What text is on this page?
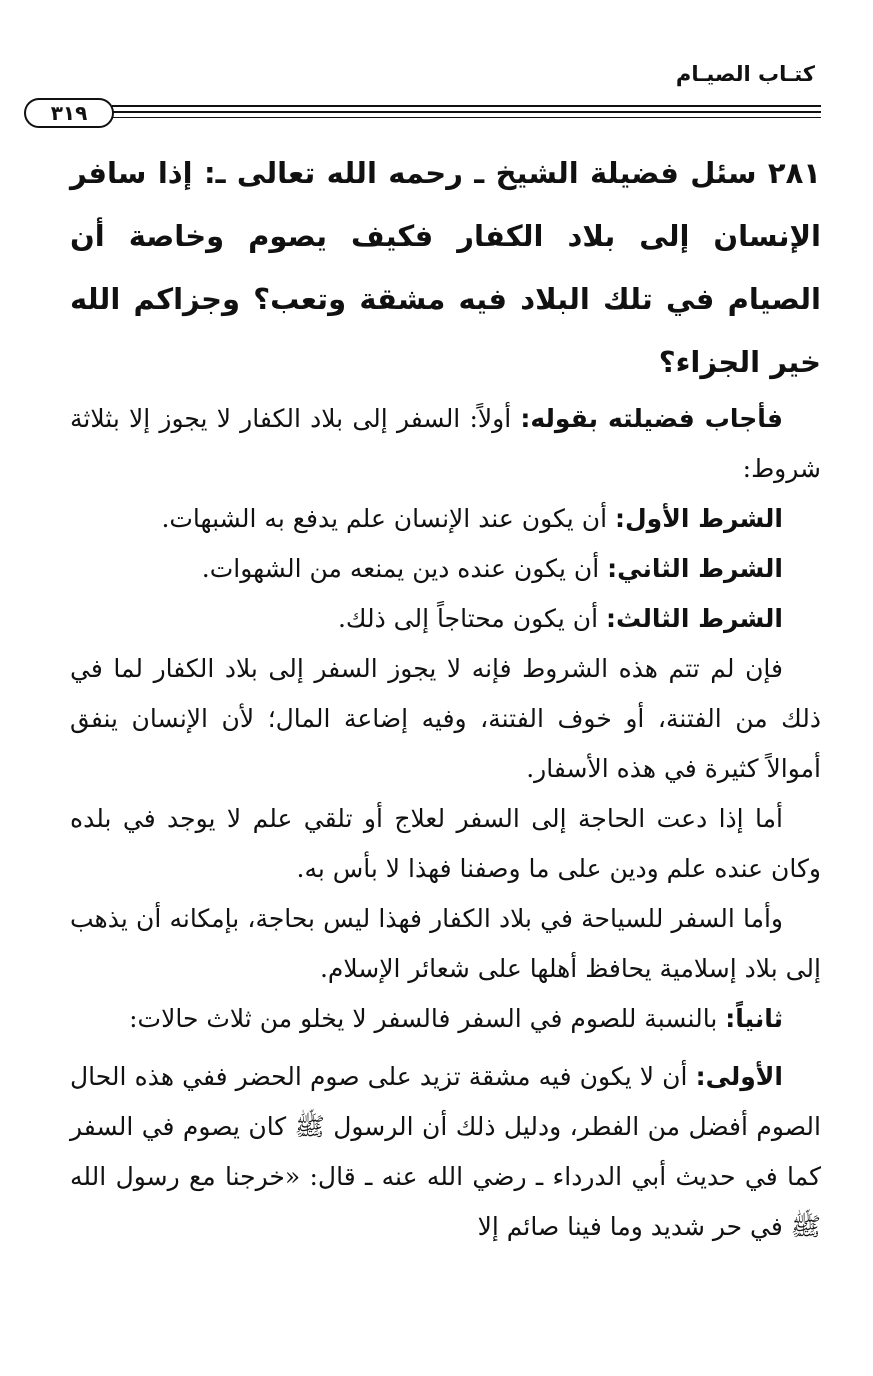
كتـاب الصيـام
٣١٩

٢٨١ سئل فضيلة الشيخ ـ رحمه الله تعالى ـ: إذا سافر الإنسان إلى بلاد الكفار فكيف يصوم وخاصة أن الصيام في تلك البلاد فيه مشقة وتعب؟ وجزاكم الله خير الجزاء؟

فأجاب فضيلته بقوله: أولاً: السفر إلى بلاد الكفار لا يجوز إلا بثلاثة شروط:

الشرط الأول: أن يكون عند الإنسان علم يدفع به الشبهات.

الشرط الثاني: أن يكون عنده دين يمنعه من الشهوات.

الشرط الثالث: أن يكون محتاجاً إلى ذلك.

فإن لم تتم هذه الشروط فإنه لا يجوز السفر إلى بلاد الكفار لما في ذلك من الفتنة، أو خوف الفتنة، وفيه إضاعة المال؛ لأن الإنسان ينفق أموالاً كثيرة في هذه الأسفار.

أما إذا دعت الحاجة إلى السفر لعلاج أو تلقي علم لا يوجد في بلده وكان عنده علم ودين على ما وصفنا فهذا لا بأس به.

وأما السفر للسياحة في بلاد الكفار فهذا ليس بحاجة، بإمكانه أن يذهب إلى بلاد إسلامية يحافظ أهلها على شعائر الإسلام.

ثانياً: بالنسبة للصوم في السفر فالسفر لا يخلو من ثلاث حالات:

الأولى: أن لا يكون فيه مشقة تزيد على صوم الحضر ففي هذه الحال الصوم أفضل من الفطر، ودليل ذلك أن الرسول ﷺ كان يصوم في السفر كما في حديث أبي الدرداء ـ رضي الله عنه ـ قال: «خرجنا مع رسول الله ﷺ في حر شديد وما فينا صائم إلا
